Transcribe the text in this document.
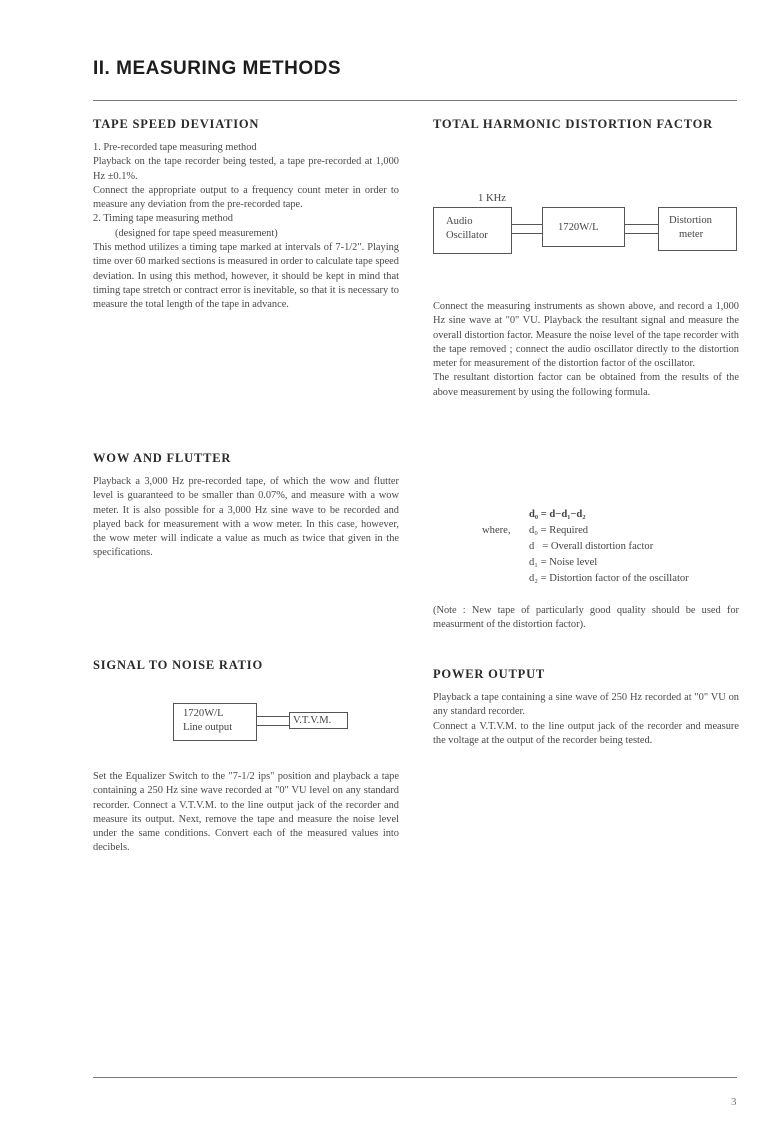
II. MEASURING METHODS
TAPE SPEED DEVIATION

1. Pre-recorded tape measuring method

Playback on the tape recorder being tested, a tape pre-recorded at 1,000 Hz ±0.1%.

Connect the appropriate output to a frequency count meter in order to measure any deviation from the pre-recorded tape.

2. Timing tape measuring method

(designed for tape speed measurement)

This method utilizes a timing tape marked at intervals of 7-1/2". Playing time over 60 marked sections is measured in order to calculate tape speed deviation. In using this method, however, it should be kept in mind that timing tape stretch or contract error is inevitable, so that it is necessary to measure the total length of the tape in advance.

WOW AND FLUTTER

Playback a 3,000 Hz pre-recorded tape, of which the wow and flutter level is guaranteed to be smaller than 0.07%, and measure with a wow meter. It is also possible for a 3,000 Hz sine wave to be recorded and played back for measurement with a wow meter. In this case, however, the wow meter will indicate a value as much as twice that given in the specifications.

SIGNAL TO NOISE RATIO
1720W/L
Line output
V.T.V.M.

Set the Equalizer Switch to the "7-1/2 ips" position and playback a tape containing a 250 Hz sine wave recorded at "0" VU level on any standard recorder. Connect a V.T.V.M. to the line output jack of the recorder and measure its output. Next, remove the tape and measure the noise level under the same conditions. Convert each of the measured values into decibels.

TOTAL HARMONIC DISTORTION FACTOR
1 KHz
Audio
Oscillator
1720W/L
Distortion
meter

Connect the measuring instruments as shown above, and record a 1,000 Hz sine wave at "0" VU. Playback the resultant signal and measure the overall distortion factor. Measure the noise level of the tape recorder with the tape removed ; connect the audio oscillator directly to the distortion meter for measurement of the distortion factor of the oscillator.

The resultant distortion factor can be obtained from the results of the above measurement by using the following formula.

d₀ = d−d₁−d₂
where, d₀ = Required
d   = Overall distortion factor
d₁ = Noise level
d₂ = Distortion factor of the oscillator

(Note : New tape of particularly good quality should be used for measurment of the distortion factor).

POWER OUTPUT

Playback a tape containing a sine wave of 250 Hz recorded at "0" VU on any standard recorder.

Connect a V.T.V.M. to the line output jack of the recorder and measure the voltage at the output of the recorder being tested.

3
